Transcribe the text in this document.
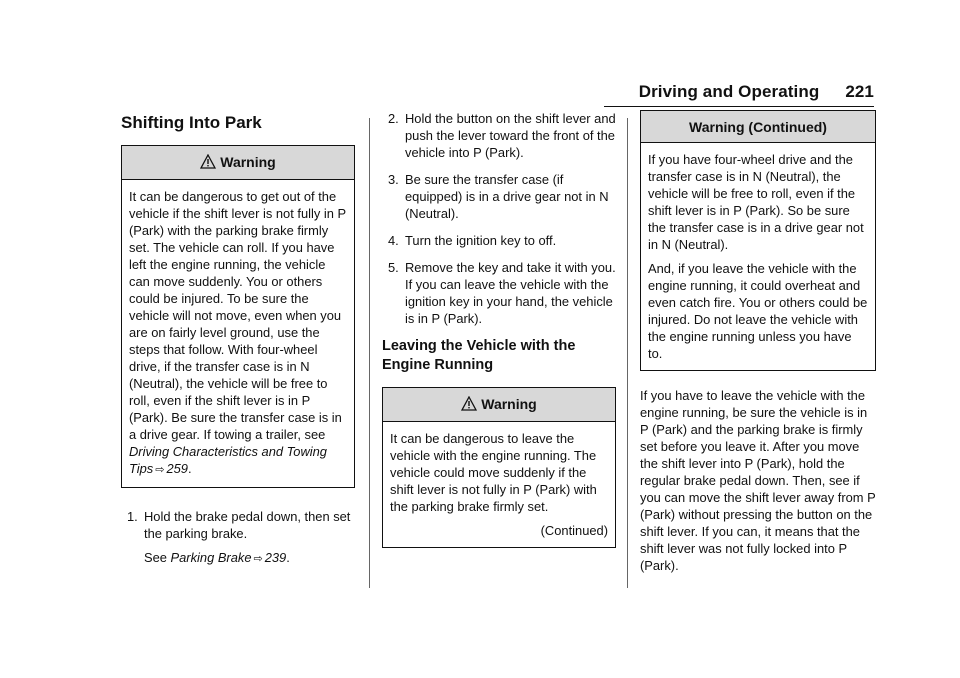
Driving and Operating 221
Shifting Into Park
Warning

It can be dangerous to get out of the vehicle if the shift lever is not fully in P (Park) with the parking brake firmly set. The vehicle can roll. If you have left the engine running, the vehicle can move suddenly. You or others could be injured. To be sure the vehicle will not move, even when you are on fairly level ground, use the steps that follow. With four-wheel drive, if the transfer case is in N (Neutral), the vehicle will be free to roll, even if the shift lever is in P (Park). Be sure the transfer case is in a drive gear. If towing a trailer, see Driving Characteristics and Towing Tips ⇨ 259.

1. Hold the brake pedal down, then set the parking brake.

See Parking Brake ⇨ 239.

2. Hold the button on the shift lever and push the lever toward the front of the vehicle into P (Park).

3. Be sure the transfer case (if equipped) is in a drive gear not in N (Neutral).

4. Turn the ignition key to off.

5. Remove the key and take it with you. If you can leave the vehicle with the ignition key in your hand, the vehicle is in P (Park).

Leaving the Vehicle with the Engine Running
Warning

It can be dangerous to leave the vehicle with the engine running. The vehicle could move suddenly if the shift lever is not fully in P (Park) with the parking brake firmly set.

(Continued)
Warning (Continued)

If you have four-wheel drive and the transfer case is in N (Neutral), the vehicle will be free to roll, even if the shift lever is in P (Park). So be sure the transfer case is in a drive gear not in N (Neutral).

And, if you leave the vehicle with the engine running, it could overheat and even catch fire. You or others could be injured. Do not leave the vehicle with the engine running unless you have to.

If you have to leave the vehicle with the engine running, be sure the vehicle is in P (Park) and the parking brake is firmly set before you leave it. After you move the shift lever into P (Park), hold the regular brake pedal down. Then, see if you can move the shift lever away from P (Park) without pressing the button on the shift lever. If you can, it means that the shift lever was not fully locked into P (Park).
